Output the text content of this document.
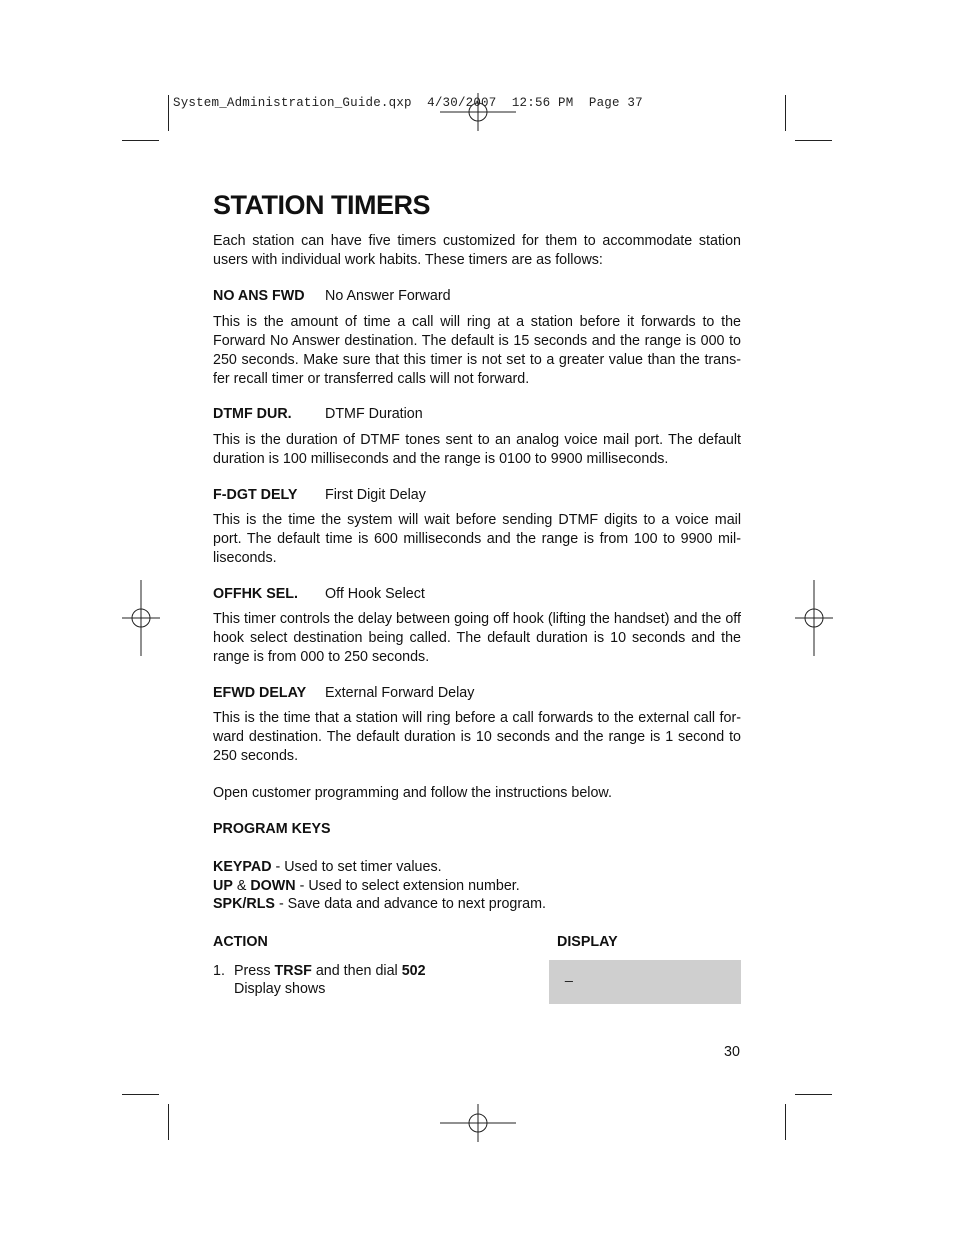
System_Administration_Guide.qxp  4/30/2007  12:56 PM  Page 37
STATION TIMERS

Each station can have five timers customized for them to accommodate station users with individual work habits. These timers are as follows:

NO ANS FWD No Answer Forward

This is the amount of time a call will ring at a station before it forwards to the Forward No Answer destination. The default is 15 seconds and the range is 000 to 250 seconds. Make sure that this timer is not set to a greater value than the trans- fer recall timer or transferred calls will not forward.

DTMF DUR. DTMF Duration

This is the duration of DTMF tones sent to an analog voice mail port. The default duration is 100 milliseconds and the range is 0100 to 9900 milliseconds.

F-DGT DELY First Digit Delay

This is the time the system will wait before sending DTMF digits to a voice mail port. The default time is 600 milliseconds and the range is from 100 to 9900 mil- liseconds.

OFFHK SEL. Off Hook Select

This timer controls the delay between going off hook (lifting the handset) and the off hook select destination being called. The default duration is 10 seconds and the range is from 000 to 250 seconds.

EFWD DELAY External Forward Delay

This is the time that a station will ring before a call forwards to the external call for- ward destination. The default duration is 10 seconds and the range is 1 second to 250 seconds.

Open customer programming and follow the instructions below.

PROGRAM KEYS

KEYPAD - Used to set timer values.

UP & DOWN - Used to select extension number.

SPK/RLS - Save data and advance to next program.

ACTION	DISPLAY

1. Press TRSF and then dial 502

Display shows

_

30
